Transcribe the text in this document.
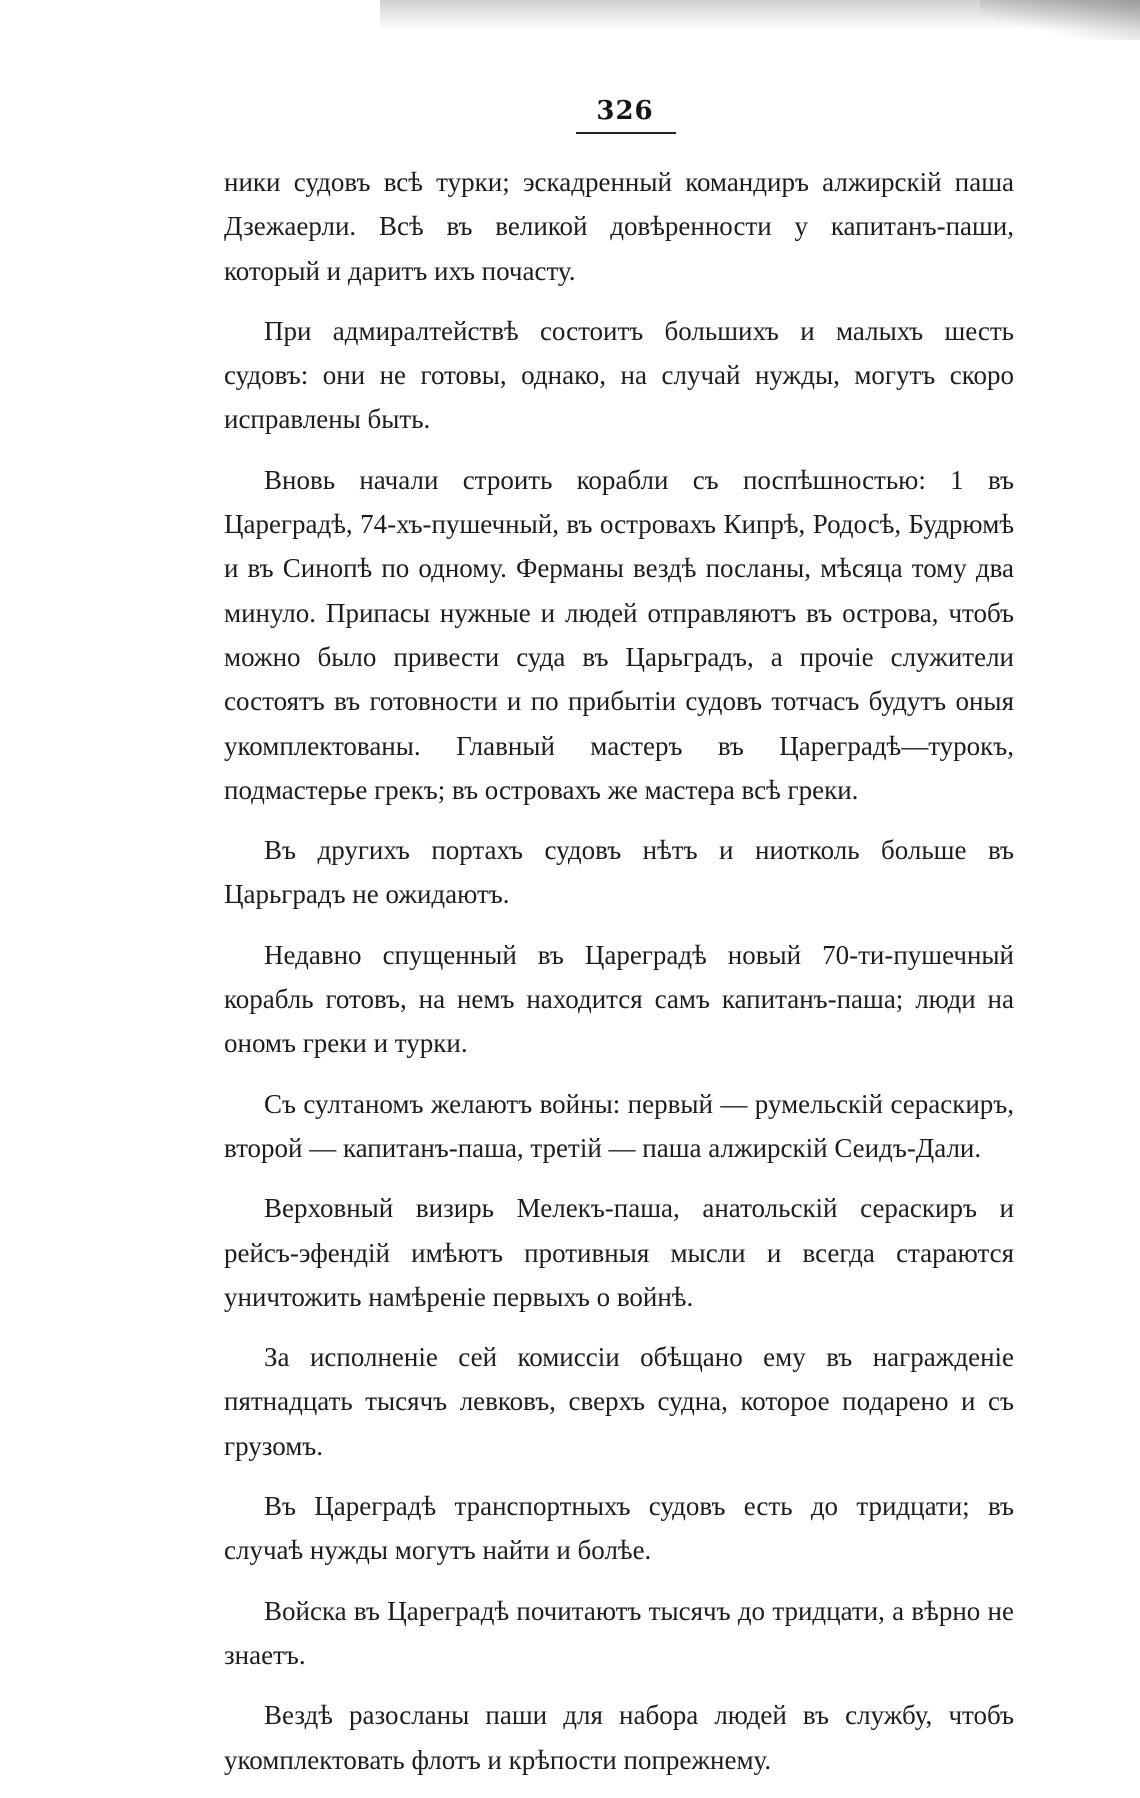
326

ники судовъ всѣ турки; эскадренный командиръ алжирскій паша Дзежаерли. Всѣ въ великой довѣренности у капитанъ-паши, который и даритъ ихъ почасту.

При адмиралтействѣ состоитъ большихъ и малыхъ шесть судовъ: они не готовы, однако, на случай нужды, могутъ скоро исправлены быть.

Вновь начали строить корабли съ поспѣшностью: 1 въ Цареградѣ, 74-хъ-пушечный, въ островахъ Кипрѣ, Родосѣ, Будрюмѣ и въ Синопѣ по одному. Ферманы вездѣ посланы, мѣсяца тому два минуло. Припасы нужные и людей отправляютъ въ острова, чтобъ можно было привести суда въ Царьградъ, а прочіе служители состоятъ въ готовности и по прибытіи судовъ тотчасъ будутъ оныя укомплектованы. Главный мастеръ въ Цареградѣ—турокъ, подмастерье грекъ; въ островахъ же мастера всѣ греки.

Въ другихъ портахъ судовъ нѣтъ и ниотколь больше въ Царьградъ не ожидаютъ.

Недавно спущенный въ Цареградѣ новый 70-ти-пушечный корабль готовъ, на немъ находится самъ капитанъ-паша; люди на ономъ греки и турки.

Съ султаномъ желаютъ войны: первый — румельскій сераскиръ, второй — капитанъ-паша, третій — паша алжирскій Сеидъ-Дали.

Верховный визирь Мелекъ-паша, анатольскій сераскиръ и рейсъ-эфендій имѣютъ противныя мысли и всегда стараются уничтожить намѣреніе первыхъ о войнѣ.

За исполненіе сей комиссіи обѣщано ему въ награжденіе пятнадцать тысячъ левковъ, сверхъ судна, которое подарено и съ грузомъ.

Въ Цареградѣ транспортныхъ судовъ есть до тридцати; въ случаѣ нужды могутъ найти и болѣе.

Войска въ Цареградѣ почитаютъ тысячъ до тридцати, а вѣрно не знаетъ.

Вездѣ разосланы паши для набора людей въ службу, чтобъ укомплектовать флотъ и крѣпости попрежнему.
